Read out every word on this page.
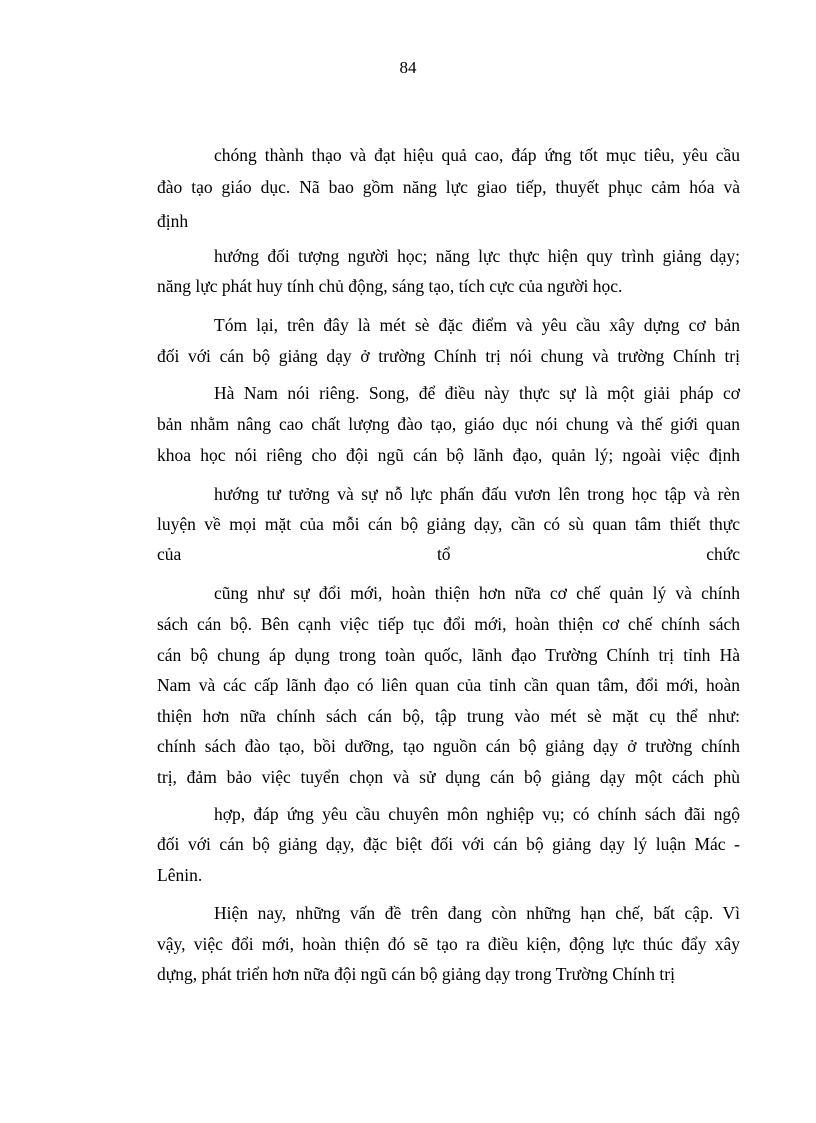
84
chóng thành thạo và đạt hiệu quả cao, đáp ứng tốt mục tiêu, yêu cầu
đào tạo giáo dục. Nã bao gồm năng lực giao tiếp, thuyết phục cảm hóa và
định
hướng đối tượng người học; năng lực thực hiện quy trình giảng dạy;
năng lực phát huy tính chủ động, sáng tạo, tích cực của người học.
Tóm lại, trên đây là mét sè đặc điểm và yêu cầu xây dựng cơ bản
đối với cán bộ giảng dạy ở trường Chính trị nói chung và trường Chính trị
Hà Nam nói riêng. Song, để điều này thực sự là một giải pháp cơ
bản nhằm nâng cao chất lượng đào tạo, giáo dục nói chung và thế giới quan
khoa học nói riêng cho đội ngũ cán bộ lãnh đạo, quản lý; ngoài việc định
hướng tư tưởng và sự nỗ lực phấn đấu vươn lên trong học tập và rèn
luyện về mọi mặt của mỗi cán bộ giảng dạy, cần có sù quan tâm thiết thực
của tổ chức
cũng như sự đổi mới, hoàn thiện hơn nữa cơ chế quản lý và chính
sách cán bộ. Bên cạnh việc tiếp tục đổi mới, hoàn thiện cơ chế chính sách
cán bộ chung áp dụng trong toàn quốc, lãnh đạo Trường Chính trị tỉnh Hà
Nam và các cấp lãnh đạo có liên quan của tỉnh cần quan tâm, đổi mới, hoàn
thiện hơn nữa chính sách cán bộ, tập trung vào mét sè mặt cụ thể như:
chính sách đào tạo, bồi dưỡng, tạo nguồn cán bộ giảng dạy ở trường chính
trị, đảm bảo việc tuyển chọn và sử dụng cán bộ giảng dạy một cách phù
hợp, đáp ứng yêu cầu chuyên môn nghiệp vụ; có chính sách đãi ngộ
đối với cán bộ giảng dạy, đặc biệt đối với cán bộ giảng dạy lý luận Mác -
Lênin.
Hiện nay, những vấn đề trên đang còn những hạn chế, bất cập. Vì
vậy, việc đổi mới, hoàn thiện đó sẽ tạo ra điều kiện, động lực thúc đẩy xây
dựng, phát triển hơn nữa đội ngũ cán bộ giảng dạy trong Trường Chính trị
